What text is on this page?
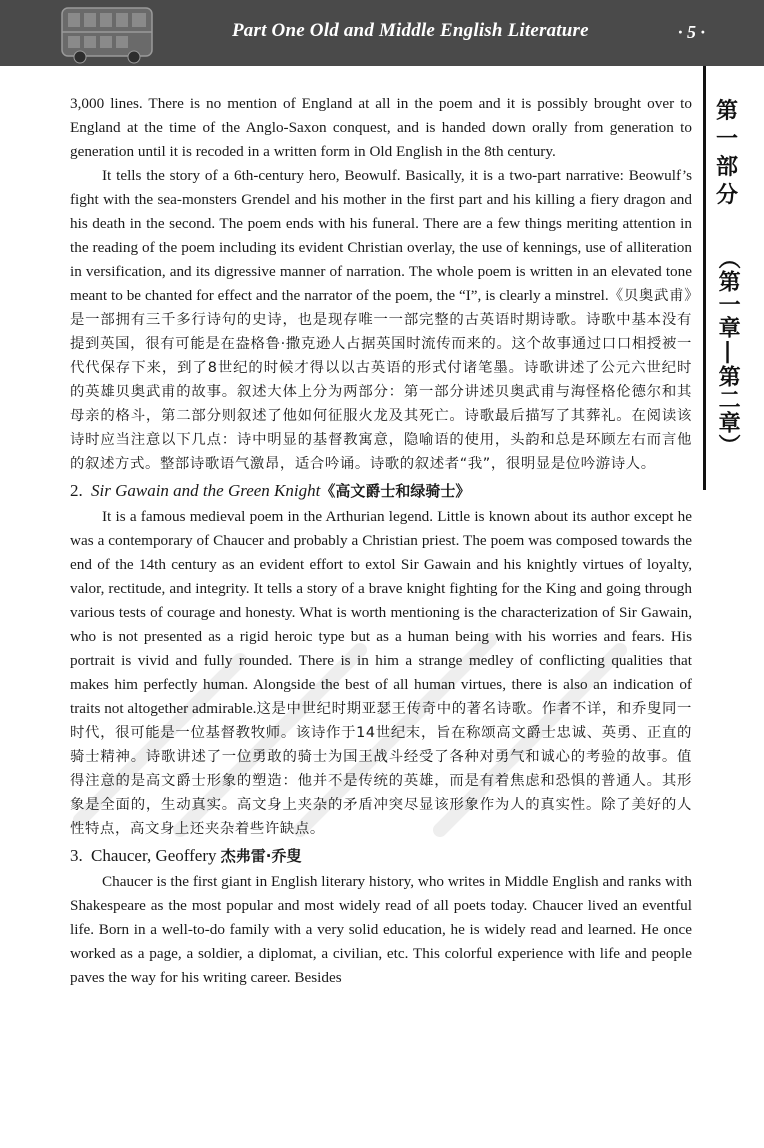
Part One Old and Middle English Literature	· 5 ·
第一部分
（第一章|第二章）

3,000 lines. There is no mention of England at all in the poem and it is possibly brought over to England at the time of the Anglo-Saxon conquest, and is handed down orally from generation to generation until it is recoded in a written form in Old English in the 8th century.

It tells the story of a 6th-century hero, Beowulf. Basically, it is a two-part narrative: Beowulf’s fight with the sea-monsters Grendel and his mother in the first part and his killing a fiery dragon and his death in the second. The poem ends with his funeral. There are a few things meriting attention in the reading of the poem including its evident Christian overlay, the use of kennings, use of alliteration in versification, and its digressive manner of narration. The whole poem is written in an elevated tone meant to be chanted for effect and the narrator of the poem, the “I”, is clearly a minstrel.《贝奥武甫》是一部拥有三千多行诗句的史诗，也是现存唯一一部完整的古英语时期诗歌。诗歌中基本没有提到英国，很有可能是在盎格鲁·撒克逊人占据英国时流传而来的。这个故事通过口口相授被一代代保存下来，到了8世纪的时候才得以以古英语的形式付诸笔墨。诗歌讲述了公元六世纪时的英雄贝奥武甫的故事。叙述大体上分为两部分：第一部分讲述贝奥武甫与海怪格伦德尔和其母亲的格斗，第二部分则叙述了他如何征服火龙及其死亡。诗歌最后描写了其葬礼。在阅读该诗时应当注意以下几点：诗中明显的基督教寓意，隐喻语的使用，头韵和总是环顾左右而言他的叙述方式。整部诗歌语气激昂，适合吟诵。诗歌的叙述者“我”，很明显是位吟游诗人。

2. Sir Gawain and the Green Knight《高文爵士和绿骑士》

It is a famous medieval poem in the Arthurian legend. Little is known about its author except he was a contemporary of Chaucer and probably a Christian priest. The poem was composed towards the end of the 14th century as an evident effort to extol Sir Gawain and his knightly virtues of loyalty, valor, rectitude, and integrity. It tells a story of a brave knight fighting for the King and going through various tests of courage and honesty. What is worth mentioning is the characterization of Sir Gawain, who is not presented as a rigid heroic type but as a human being with his worries and fears. His portrait is vivid and fully rounded. There is in him a strange medley of conflicting qualities that makes him perfectly human. Alongside the best of all human virtues, there is also an indication of traits not altogether admirable.这是中世纪时期亚瑟王传奇中的著名诗歌。作者不详，和乔叟同一时代，很可能是一位基督教牧师。该诗作于14世纪末，旨在称颂高文爵士忠诚、英勇、正直的骑士精神。诗歌讲述了一位勇敢的骑士为国王战斗经受了各种对勇气和诚心的考验的故事。值得注意的是高文爵士形象的塑造：他并不是传统的英雄，而是有着焦虑和恐惧的普通人。其形象是全面的，生动真实。高文身上夹杂的矛盾冲突尽显该形象作为人的真实性。除了美好的人性特点，高文身上还夹杂着些许缺点。

3. Chaucer, Geoffery 杰弗雷·乔叟

Chaucer is the first giant in English literary history, who writes in Middle English and ranks with Shakespeare as the most popular and most widely read of all poets today. Chaucer lived an eventful life. Born in a well-to-do family with a very solid education, he is widely read and learned. He once worked as a page, a soldier, a diplomat, a civilian, etc. This colorful experience with life and people paves the way for his writing career. Besides
